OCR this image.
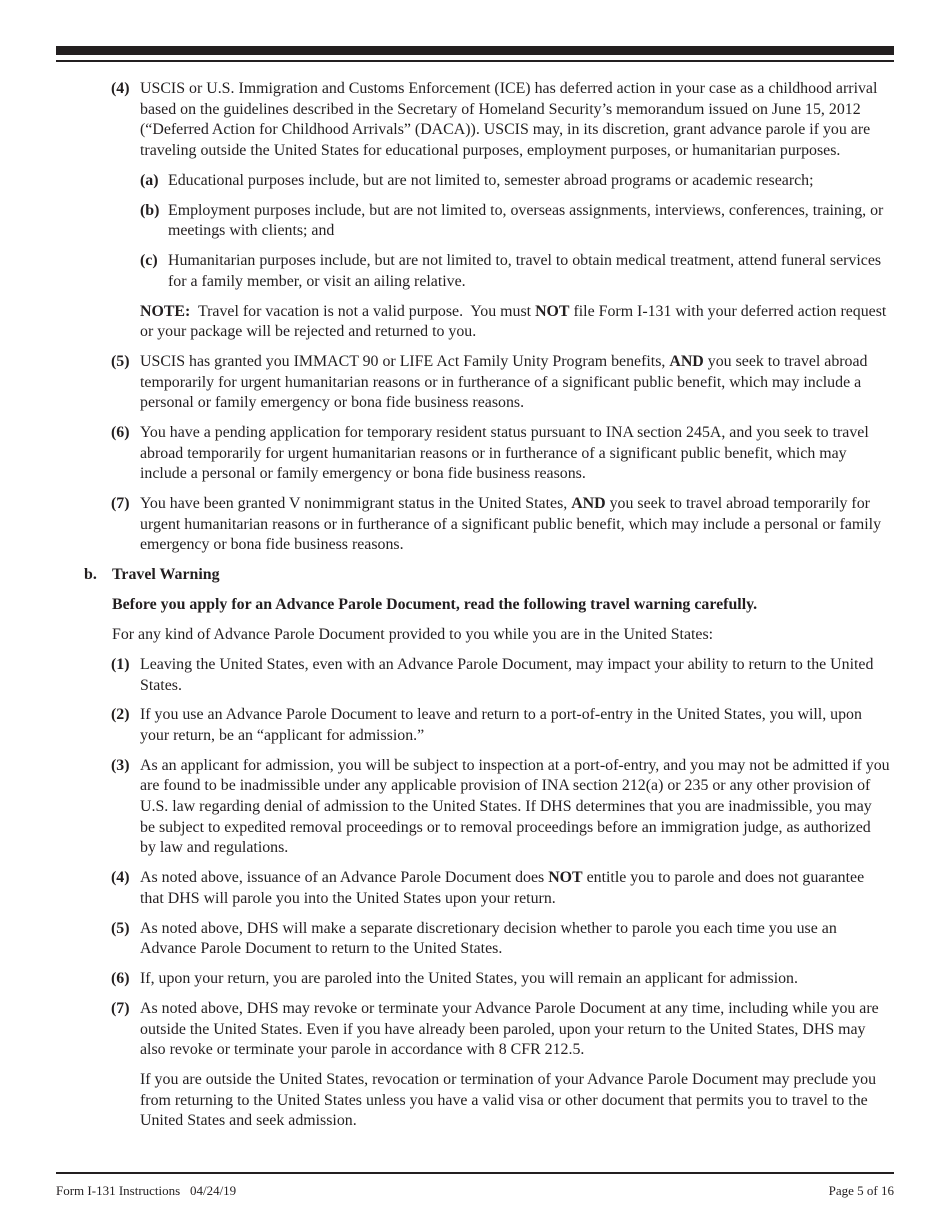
(4) USCIS or U.S. Immigration and Customs Enforcement (ICE) has deferred action in your case as a childhood arrival based on the guidelines described in the Secretary of Homeland Security’s memorandum issued on June 15, 2012 (“Deferred Action for Childhood Arrivals” (DACA)). USCIS may, in its discretion, grant advance parole if you are traveling outside the United States for educational purposes, employment purposes, or humanitarian purposes.
(a) Educational purposes include, but are not limited to, semester abroad programs or academic research;
(b) Employment purposes include, but are not limited to, overseas assignments, interviews, conferences, training, or meetings with clients; and
(c) Humanitarian purposes include, but are not limited to, travel to obtain medical treatment, attend funeral services for a family member, or visit an ailing relative.
NOTE:  Travel for vacation is not a valid purpose.  You must NOT file Form I-131 with your deferred action request or your package will be rejected and returned to you.
(5) USCIS has granted you IMMACT 90 or LIFE Act Family Unity Program benefits, AND you seek to travel abroad temporarily for urgent humanitarian reasons or in furtherance of a significant public benefit, which may include a personal or family emergency or bona fide business reasons.
(6) You have a pending application for temporary resident status pursuant to INA section 245A, and you seek to travel abroad temporarily for urgent humanitarian reasons or in furtherance of a significant public benefit, which may include a personal or family emergency or bona fide business reasons.
(7) You have been granted V nonimmigrant status in the United States, AND you seek to travel abroad temporarily for urgent humanitarian reasons or in furtherance of a significant public benefit, which may include a personal or family emergency or bona fide business reasons.
b. Travel Warning
Before you apply for an Advance Parole Document, read the following travel warning carefully.
For any kind of Advance Parole Document provided to you while you are in the United States:
(1) Leaving the United States, even with an Advance Parole Document, may impact your ability to return to the United States.
(2) If you use an Advance Parole Document to leave and return to a port-of-entry in the United States, you will, upon your return, be an “applicant for admission.”
(3) As an applicant for admission, you will be subject to inspection at a port-of-entry, and you may not be admitted if you are found to be inadmissible under any applicable provision of INA section 212(a) or 235 or any other provision of U.S. law regarding denial of admission to the United States. If DHS determines that you are inadmissible, you may be subject to expedited removal proceedings or to removal proceedings before an immigration judge, as authorized by law and regulations.
(4) As noted above, issuance of an Advance Parole Document does NOT entitle you to parole and does not guarantee that DHS will parole you into the United States upon your return.
(5) As noted above, DHS will make a separate discretionary decision whether to parole you each time you use an Advance Parole Document to return to the United States.
(6) If, upon your return, you are paroled into the United States, you will remain an applicant for admission.
(7) As noted above, DHS may revoke or terminate your Advance Parole Document at any time, including while you are outside the United States. Even if you have already been paroled, upon your return to the United States, DHS may also revoke or terminate your parole in accordance with 8 CFR 212.5.
If you are outside the United States, revocation or termination of your Advance Parole Document may preclude you from returning to the United States unless you have a valid visa or other document that permits you to travel to the United States and seek admission.
Form I-131 Instructions   04/24/19	Page 5 of 16
